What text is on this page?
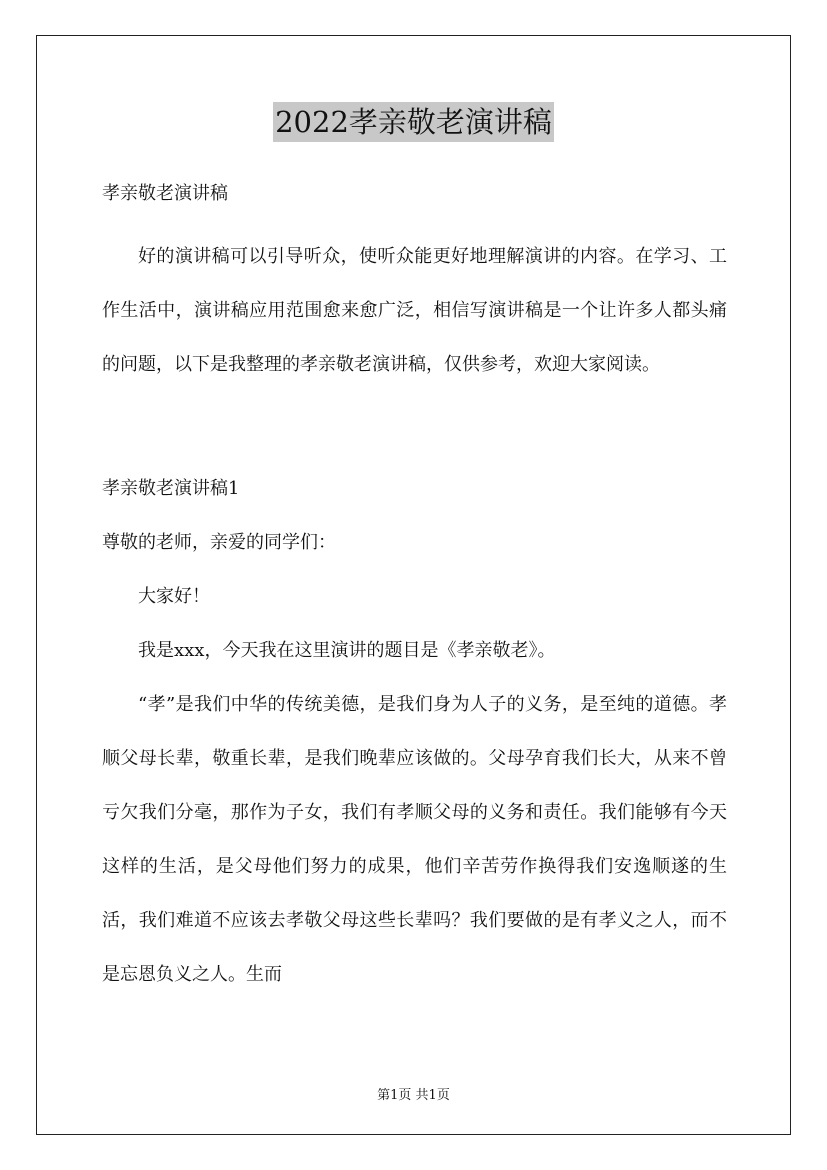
2022孝亲敬老演讲稿
孝亲敬老演讲稿
好的演讲稿可以引导听众，使听众能更好地理解演讲的内容。在学习、工作生活中，演讲稿应用范围愈来愈广泛，相信写演讲稿是一个让许多人都头痛的问题，以下是我整理的孝亲敬老演讲稿，仅供参考，欢迎大家阅读。
孝亲敬老演讲稿1
尊敬的老师，亲爱的同学们：
大家好！
我是xxx，今天我在这里演讲的题目是《孝亲敬老》。
“孝”是我们中华的传统美德，是我们身为人子的义务，是至纯的道德。孝顺父母长辈，敬重长辈，是我们晚辈应该做的。父母孕育我们长大，从来不曾亏欠我们分毫，那作为子女，我们有孝顺父母的义务和责任。我们能够有今天这样的生活，是父母他们努力的成果，他们辛苦劳作换得我们安逸顺遂的生活，我们难道不应该去孝敬父母这些长辈吗？我们要做的是有孝义之人，而不是忘恩负义之人。生而
第1页 共1页
